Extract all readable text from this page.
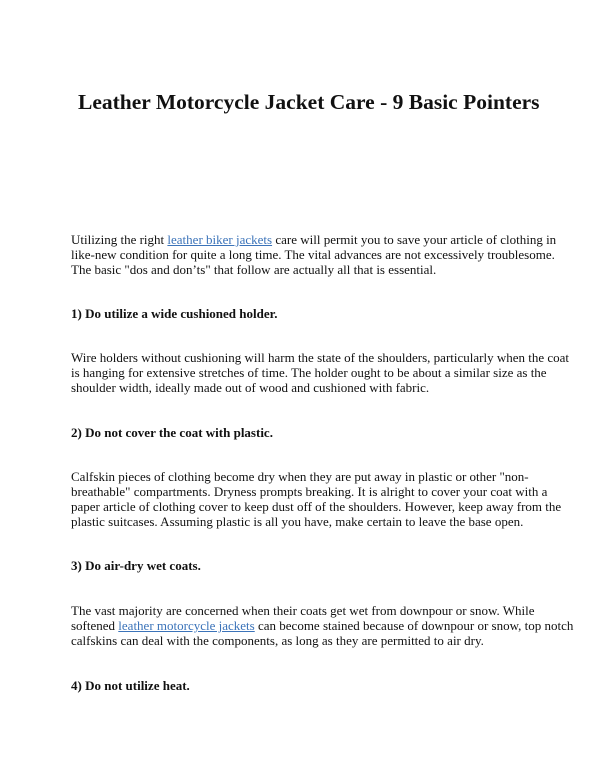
Leather Motorcycle Jacket Care - 9 Basic Pointers
Utilizing the right leather biker jackets care will permit you to save your article of clothing in
like-new condition for quite a long time. The vital advances are not excessively troublesome.
The basic "dos and don’ts" that follow are actually all that is essential.
1) Do utilize a wide cushioned holder.
Wire holders without cushioning will harm the state of the shoulders, particularly when the coat
is hanging for extensive stretches of time. The holder ought to be about a similar size as the
shoulder width, ideally made out of wood and cushioned with fabric.
2) Do not cover the coat with plastic.
Calfskin pieces of clothing become dry when they are put away in plastic or other "non-
breathable" compartments. Dryness prompts breaking. It is alright to cover your coat with a
paper article of clothing cover to keep dust off of the shoulders. However, keep away from the
plastic suitcases. Assuming plastic is all you have, make certain to leave the base open.
3) Do air-dry wet coats.
The vast majority are concerned when their coats get wet from downpour or snow. While
softened leather motorcycle jackets can become stained because of downpour or snow, top notch
calfskins can deal with the components, as long as they are permitted to air dry.
4) Do not utilize heat.
